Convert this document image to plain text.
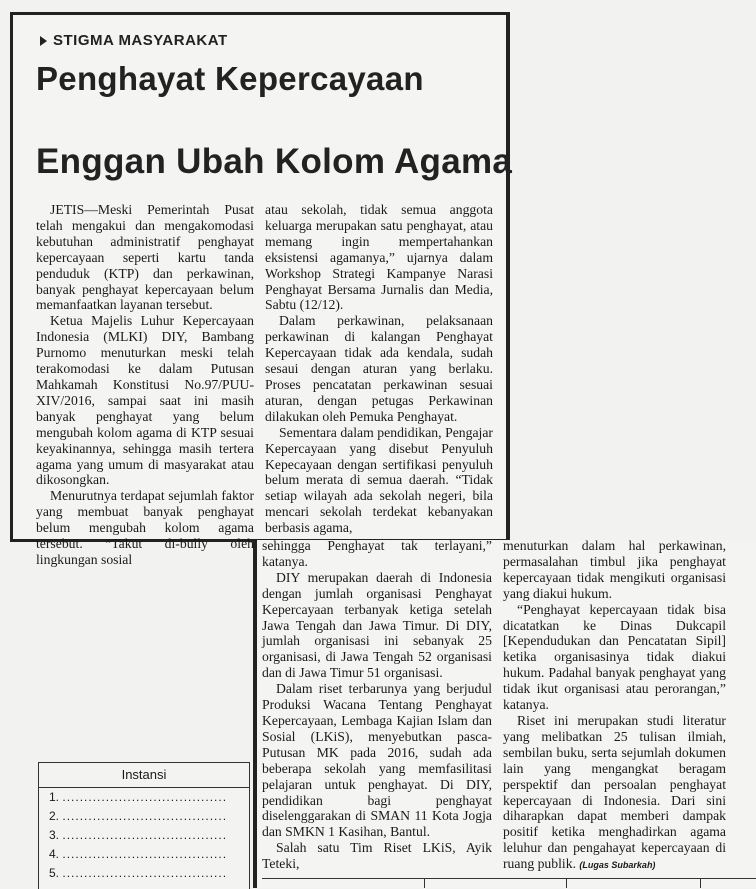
STIGMA MASYARAKAT
Penghayat Kepercayaan
Enggan Ubah Kolom Agama

JETIS—Meski Pemerintah Pusat telah mengakui dan mengakomodasi kebutuhan administratif penghayat kepercayaan seperti kartu tanda penduduk (KTP) dan perkawinan, banyak penghayat kepercayaan belum memanfaatkan layanan tersebut.

Ketua Majelis Luhur Kepercayaan Indonesia (MLKI) DIY, Bambang Purnomo menuturkan meski telah terakomodasi ke dalam Putusan Mahkamah Konstitusi No.97/PUU-XIV/2016, sampai saat ini masih banyak penghayat yang belum mengubah kolom agama di KTP sesuai keyakinannya, sehingga masih tertera agama yang umum di masyarakat atau dikosongkan.

Menurutnya terdapat sejumlah faktor yang membuat banyak penghayat belum mengubah kolom agama tersebut. “Takut di-bully oleh lingkungan sosial

atau sekolah, tidak semua anggota keluarga merupakan satu penghayat, atau memang ingin mempertahankan eksistensi agamanya,” ujarnya dalam Workshop Strategi Kampanye Narasi Penghayat Bersama Jurnalis dan Media, Sabtu (12/12).

Dalam perkawinan, pelaksanaan perkawinan di kalangan Penghayat Kepercayaan tidak ada kendala, sudah sesaui dengan aturan yang berlaku. Proses pencatatan perkawinan sesuai aturan, dengan petugas Perkawinan dilakukan oleh Pemuka Penghayat.

Sementara dalam pendidikan, Pengajar Kepercayaan yang disebut Penyuluh Kepecayaan dengan sertifikasi penyuluh belum merata di semua daerah. “Tidak setiap wilayah ada sekolah negeri, bila mencari sekolah terdekat kebanyakan berbasis agama,

sehingga Penghayat tak terlayani,” katanya.

DIY merupakan daerah di Indonesia dengan jumlah organisasi Penghayat Kepercayaan terbanyak ketiga setelah Jawa Tengah dan Jawa Timur. Di DIY, jumlah organisasi ini sebanyak 25 organisasi, di Jawa Tengah 52 organisasi dan di Jawa Timur 51 organisasi.

Dalam riset terbarunya yang berjudul Produksi Wacana Tentang Penghayat Kepercayaan, Lembaga Kajian Islam dan Sosial (LKiS), menyebutkan pasca-Putusan MK pada 2016, sudah ada beberapa sekolah yang memfasilitasi pelajaran untuk penghayat. Di DIY, pendidikan bagi penghayat diselenggarakan di SMAN 11 Kota Jogja dan SMKN 1 Kasihan, Bantul.

Salah satu Tim Riset LKiS, Ayik Teteki,

menuturkan dalam hal perkawinan, permasalahan timbul jika penghayat kepercayaan tidak mengikuti organisasi yang diakui hukum.

“Penghayat kepercayaan tidak bisa dicatatkan ke Dinas Dukcapil [Kependudukan dan Pencatatan Sipil] ketika organisasinya tidak diakui hukum. Padahal banyak penghayat yang tidak ikut organisasi atau perorangan,” katanya.

Riset ini merupakan studi literatur yang melibatkan 25 tulisan ilmiah, sembilan buku, serta sejumlah dokumen lain yang mengangkat beragam perspektif dan persoalan penghayat kepercayaan di Indonesia. Dari sini diharapkan dapat memberi dampak positif ketika menghadirkan agama leluhur dan pengahayat kepercayaan di ruang publik. (Lugas Subarkah)

Instansi
1. ......................................
2. ......................................
3. ......................................
4. ......................................
5. ......................................
